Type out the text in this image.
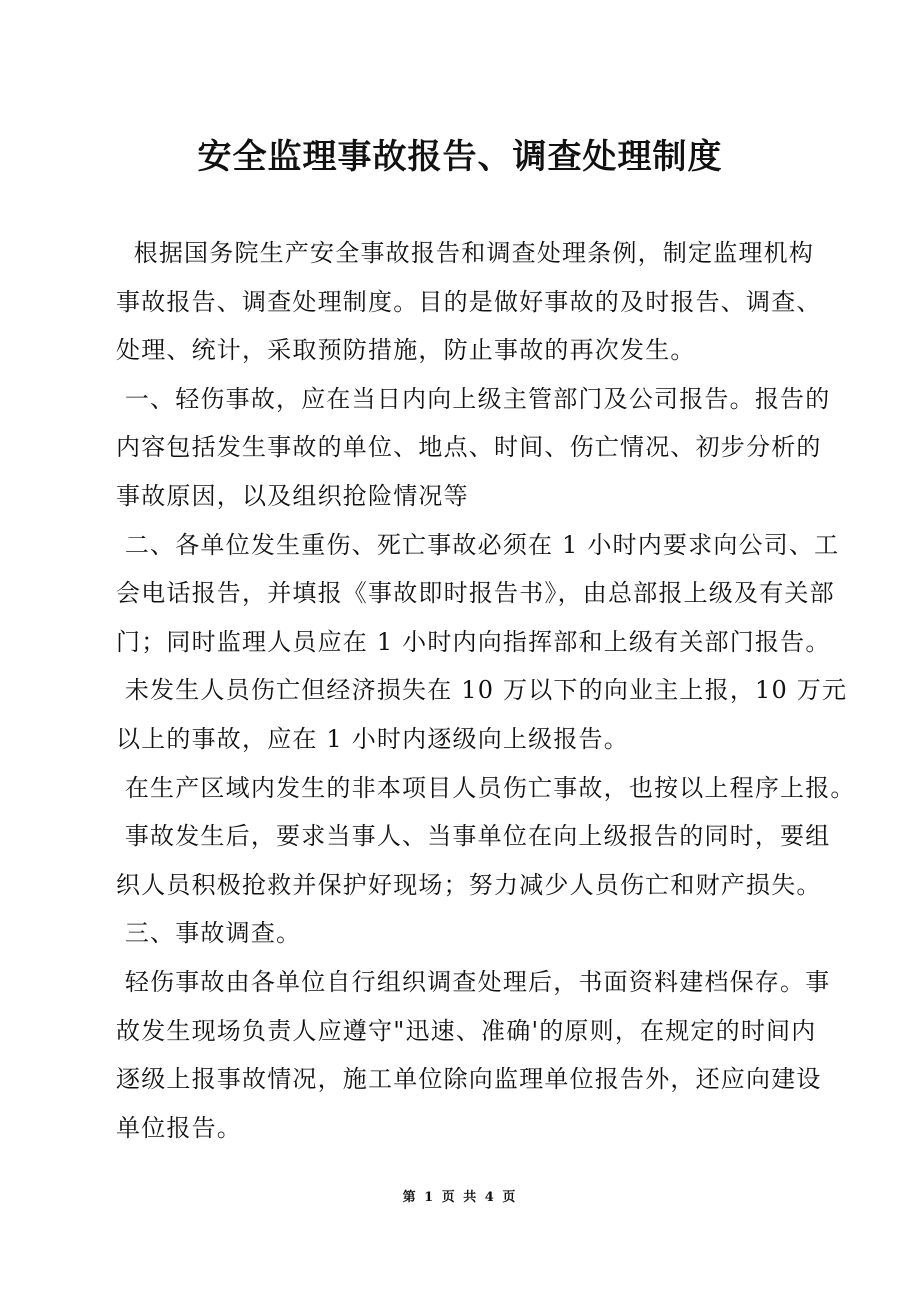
安全监理事故报告、调查处理制度
根据国务院生产安全事故报告和调查处理条例，制定监理机构
事故报告、调查处理制度。目的是做好事故的及时报告、调查、
处理、统计，采取预防措施，防止事故的再次发生。
一、轻伤事故，应在当日内向上级主管部门及公司报告。报告的
内容包括发生事故的单位、地点、时间、伤亡情况、初步分析的
事故原因，以及组织抢险情况等
二、各单位发生重伤、死亡事故必须在 1 小时内要求向公司、工
会电话报告，并填报《事故即时报告书》，由总部报上级及有关部
门；同时监理人员应在 1 小时内向指挥部和上级有关部门报告。
未发生人员伤亡但经济损失在 10 万以下的向业主上报，10 万元
以上的事故，应在 1 小时内逐级向上级报告。
在生产区域内发生的非本项目人员伤亡事故，也按以上程序上报。
事故发生后，要求当事人、当事单位在向上级报告的同时，要组
织人员积极抢救并保护好现场；努力减少人员伤亡和财产损失。
三、事故调查。
轻伤事故由各单位自行组织调查处理后，书面资料建档保存。事
故发生现场负责人应遵守"迅速、准确'的原则，在规定的时间内
逐级上报事故情况，施工单位除向监理单位报告外，还应向建设
单位报告。
第 1 页 共 4 页
